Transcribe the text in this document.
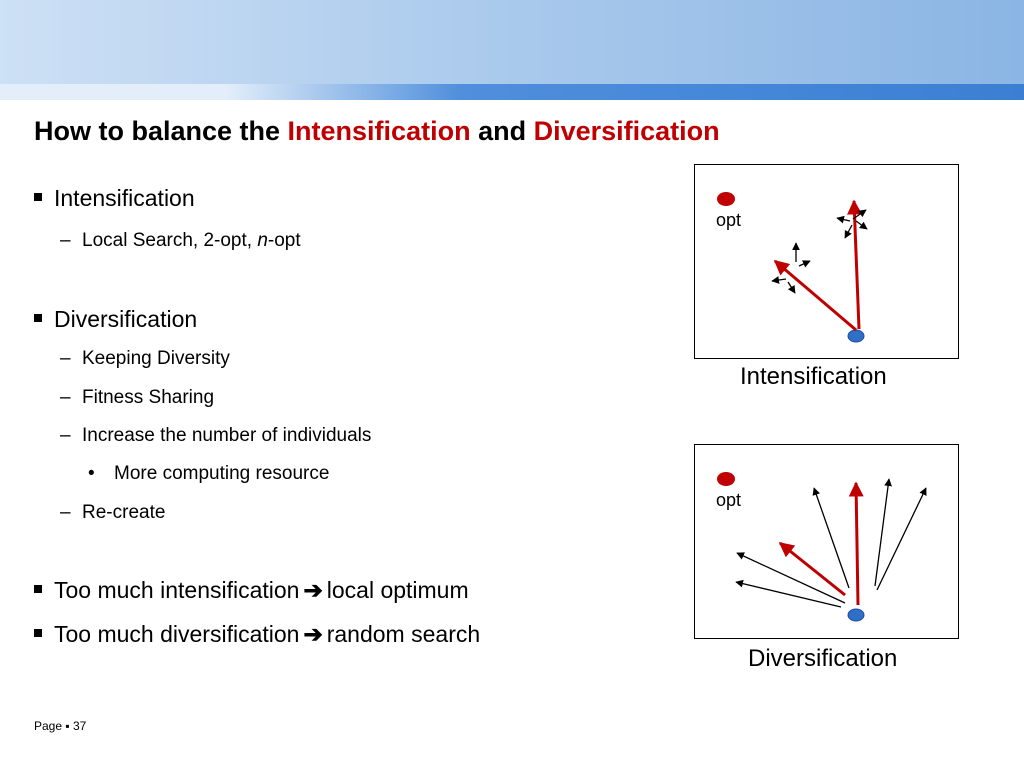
How to balance the Intensification and Diversification
Intensification
– Local Search, 2-opt, n-opt
Diversification
– Keeping Diversity
– Fitness Sharing
– Increase the number of individuals
• More computing resource
– Re-create
Too much intensification ➔ local optimum
Too much diversification ➔ random search
opt
Intensification
opt
Diversification
Page ▪ 37
